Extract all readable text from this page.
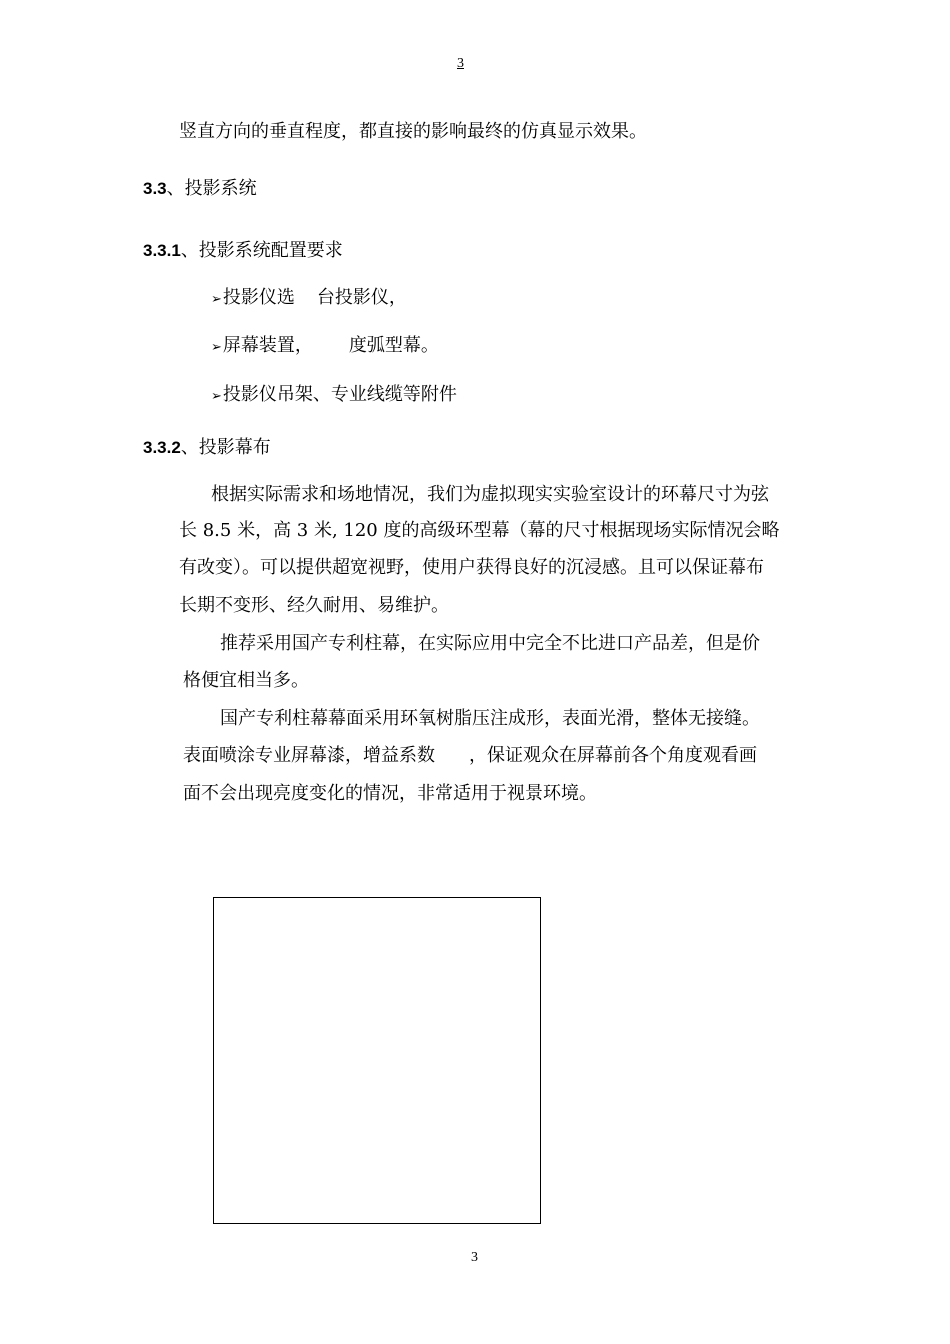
3
竖直方向的垂直程度，都直接的影响最终的仿真显示效果。
3.3、投影系统
3.3.1、投影系统配置要求
➢投影仪选 台投影仪，
➢屏幕装置， 度弧型幕。
➢投影仪吊架、专业线缆等附件
3.3.2、投影幕布
根据实际需求和场地情况，我们为虚拟现实实验室设计的环幕尺寸为弦
长 8.5 米，高 3 米, 120 度的高级环型幕（幕的尺寸根据现场实际情况会略
有改变）。可以提供超宽视野，使用户获得良好的沉浸感。且可以保证幕布
长期不变形、经久耐用、易维护。
推荐采用国产专利柱幕，在实际应用中完全不比进口产品差，但是价
格便宜相当多。
国产专利柱幕幕面采用环氧树脂压注成形，表面光滑，整体无接缝。
表面喷涂专业屏幕漆，增益系数 ，保证观众在屏幕前各个角度观看画
面不会出现亮度变化的情况，非常适用于视景环境。
3
